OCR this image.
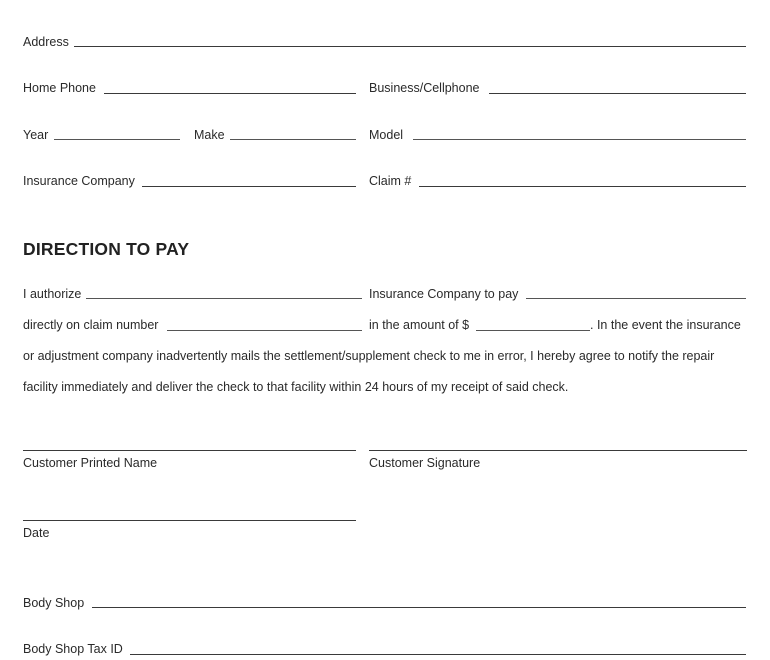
Address
Home Phone	Business/Cellphone
Year	Make	Model
Insurance Company	Claim #
DIRECTION TO PAY
I authorize	Insurance Company to pay
directly on claim number	in the amount of $	. In the event the insurance
or adjustment company inadvertently mails the settlement/supplement check to me in error, I hereby agree to notify the repair
facility immediately and deliver the check to that facility within 24 hours of my receipt of said check.
Customer Printed Name	Customer Signature
Date
Body Shop
Body Shop Tax ID
